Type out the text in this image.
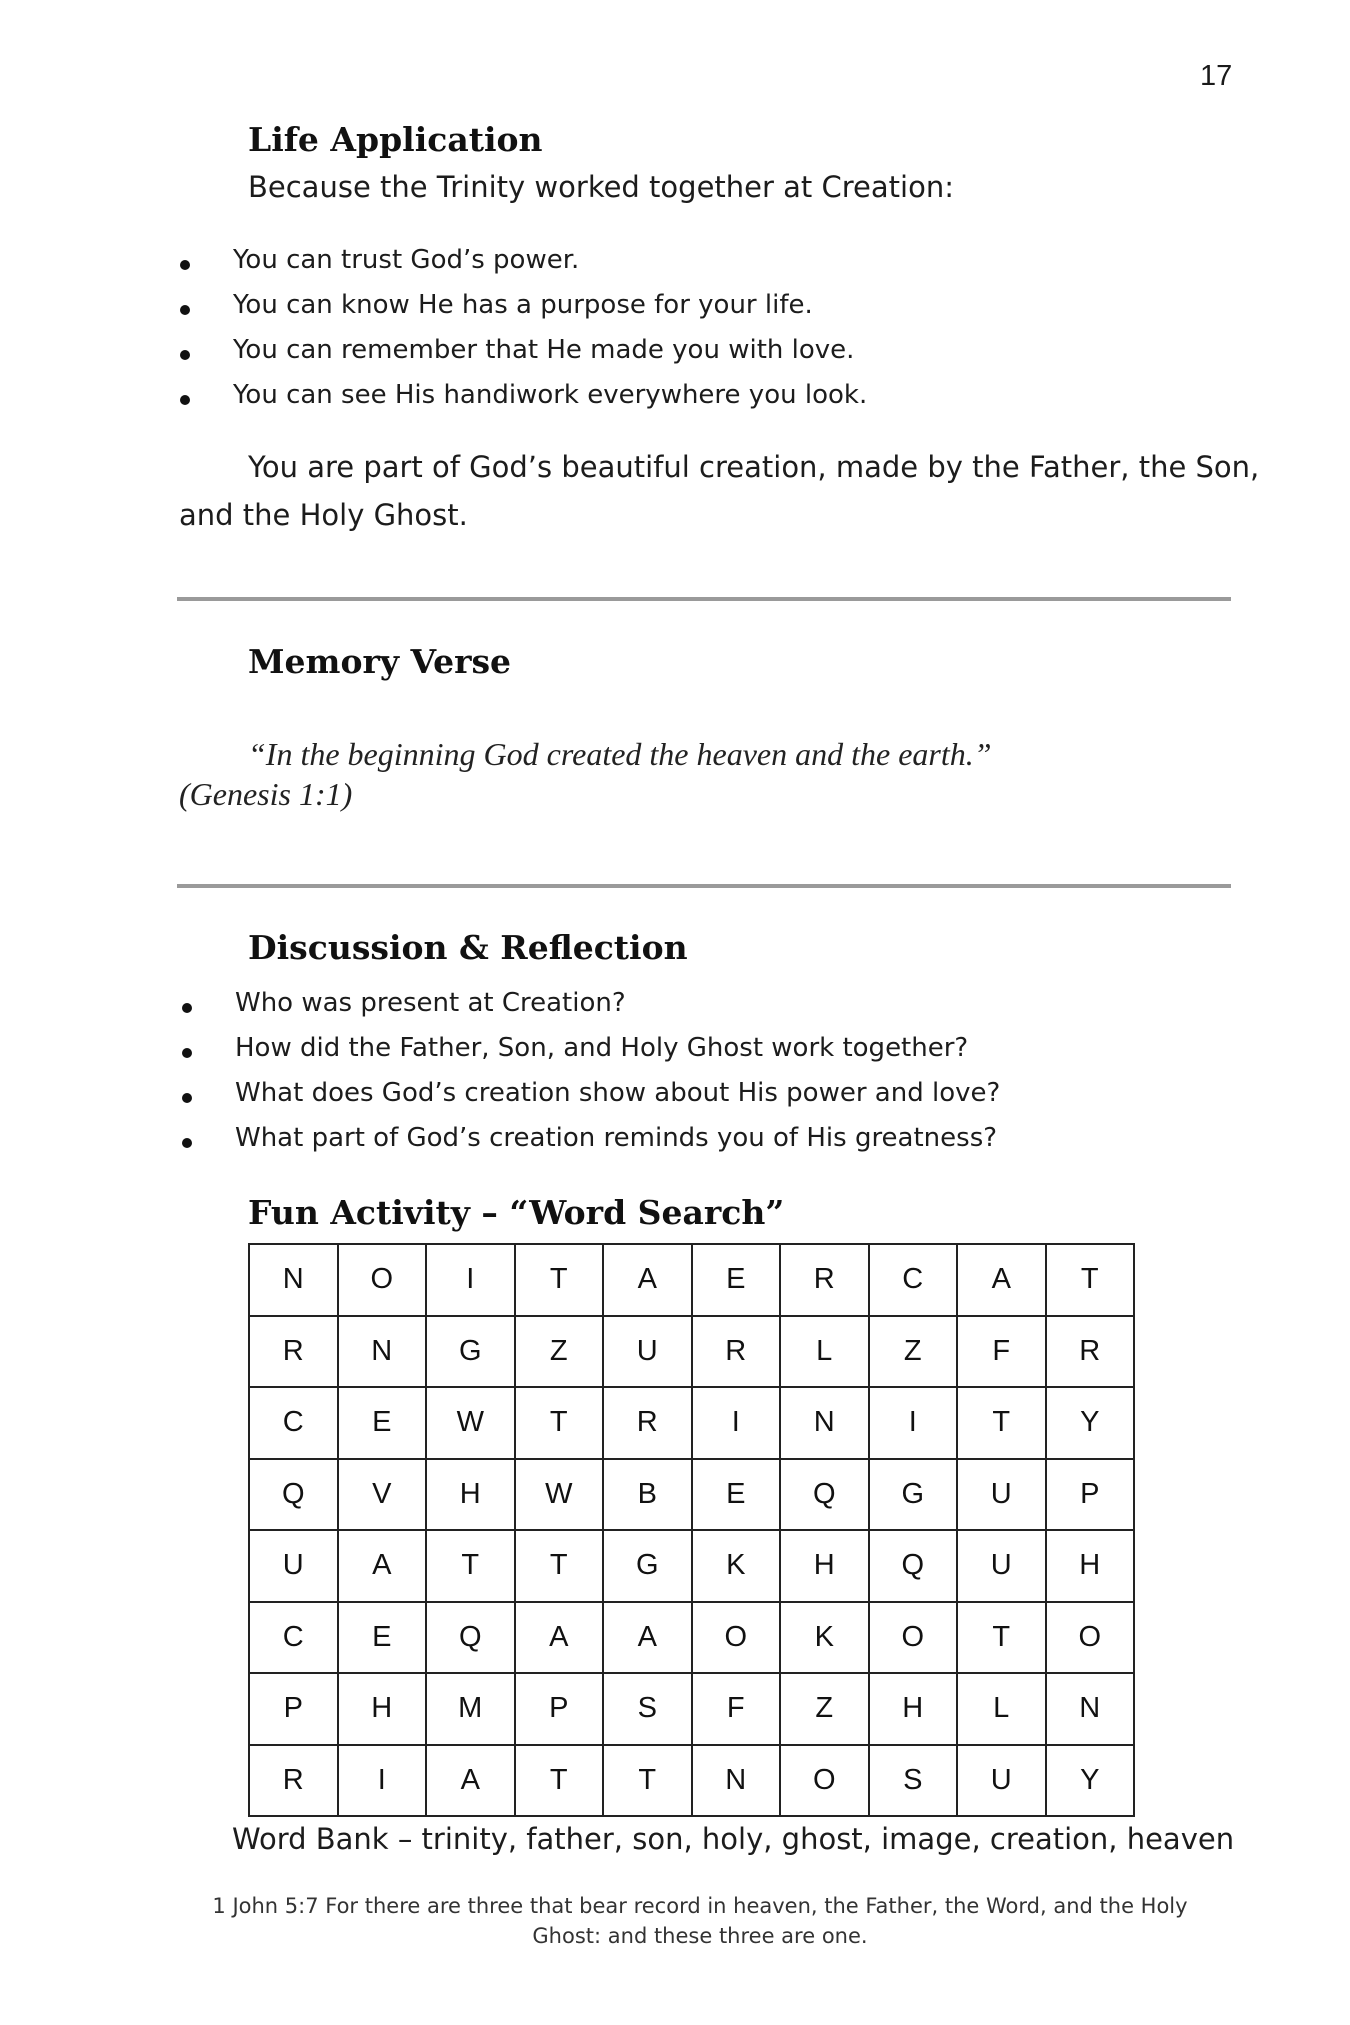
17
Life Application
Because the Trinity worked together at Creation:
You can trust God’s power.
You can know He has a purpose for your life.
You can remember that He made you with love.
You can see His handiwork everywhere you look.
You are part of God’s beautiful creation, made by the Father, the Son,
and the Holy Ghost.
Memory Verse
“In the beginning God created the heaven and the earth.”
(Genesis 1:1)
Discussion & Reflection
Who was present at Creation?
How did the Father, Son, and Holy Ghost work together?
What does God’s creation show about His power and love?
What part of God’s creation reminds you of His greatness?
Fun Activity – “Word Search”
N	O	I	T	A	E	R	C	A	T
R	N	G	Z	U	R	L	Z	F	R
C	E	W	T	R	I	N	I	T	Y
Q	V	H	W	B	E	Q	G	U	P
U	A	T	T	G	K	H	Q	U	H
C	E	Q	A	A	O	K	O	T	O
P	H	M	P	S	F	Z	H	L	N
R	I	A	T	T	N	O	S	U	Y
Word Bank – trinity, father, son, holy, ghost, image, creation, heaven
1 John 5:7 For there are three that bear record in heaven, the Father, the Word, and the Holy
Ghost: and these three are one.
